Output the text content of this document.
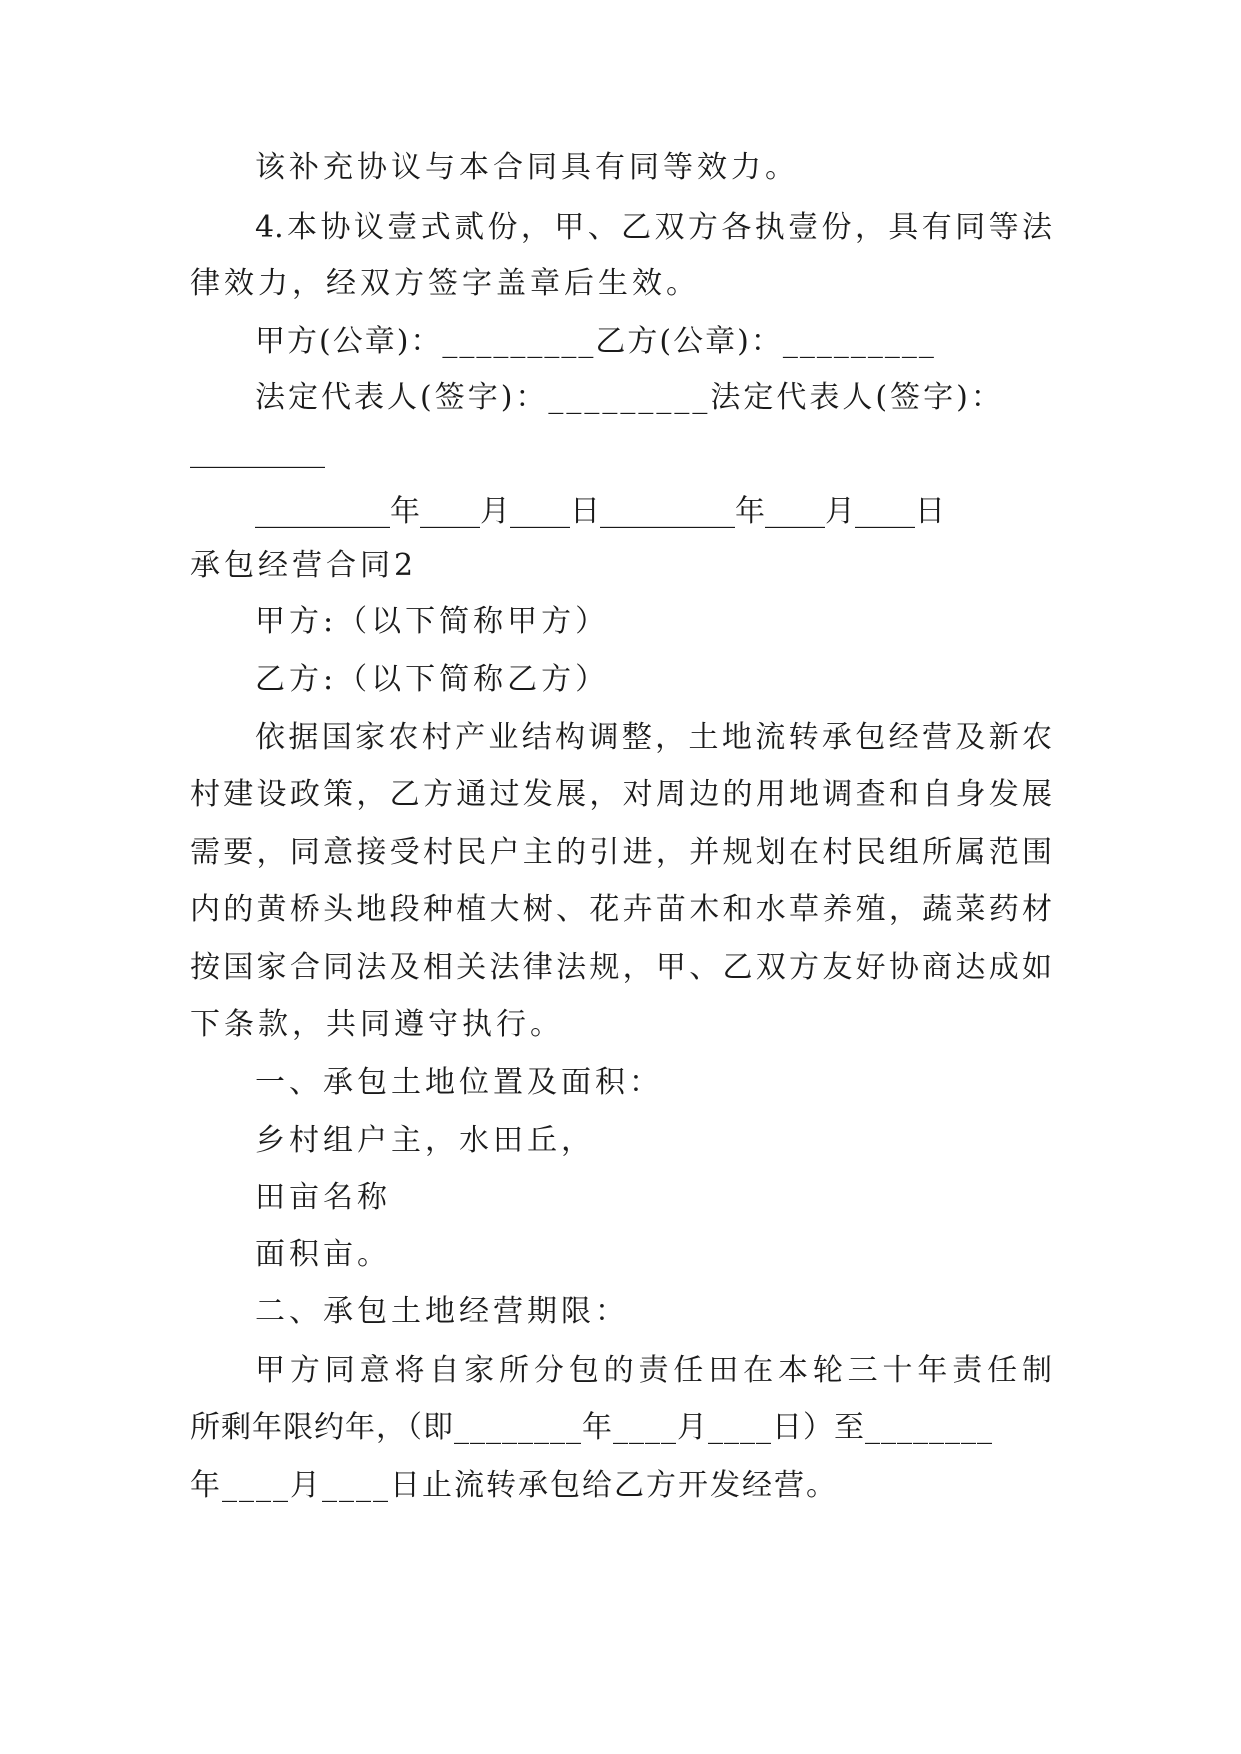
该补充协议与本合同具有同等效力。
4.本协议壹式贰份，甲、乙双方各执壹份，具有同等法
律效力，经双方签字盖章后生效。
甲方(公章)：_________乙方(公章)：_________
法定代表人(签字)：_________法定代表人(签字)：
_________
_________年____月____日_________年____月____日
承包经营合同2
甲方:（以下简称甲方）
乙方:（以下简称乙方）
依据国家农村产业结构调整，土地流转承包经营及新农
村建设政策，乙方通过发展，对周边的用地调查和自身发展
需要，同意接受村民户主的引进，并规划在村民组所属范围
内的黄桥头地段种植大树、花卉苗木和水草养殖，蔬菜药材
按国家合同法及相关法律法规，甲、乙双方友好协商达成如
下条款，共同遵守执行。
一、承包土地位置及面积：
乡村组户主，水田丘，
田亩名称
面积亩。
二、承包土地经营期限：
甲方同意将自家所分包的责任田在本轮三十年责任制
所剩年限约年，（即________年____月____日）至________
年____月____日止流转承包给乙方开发经营。
